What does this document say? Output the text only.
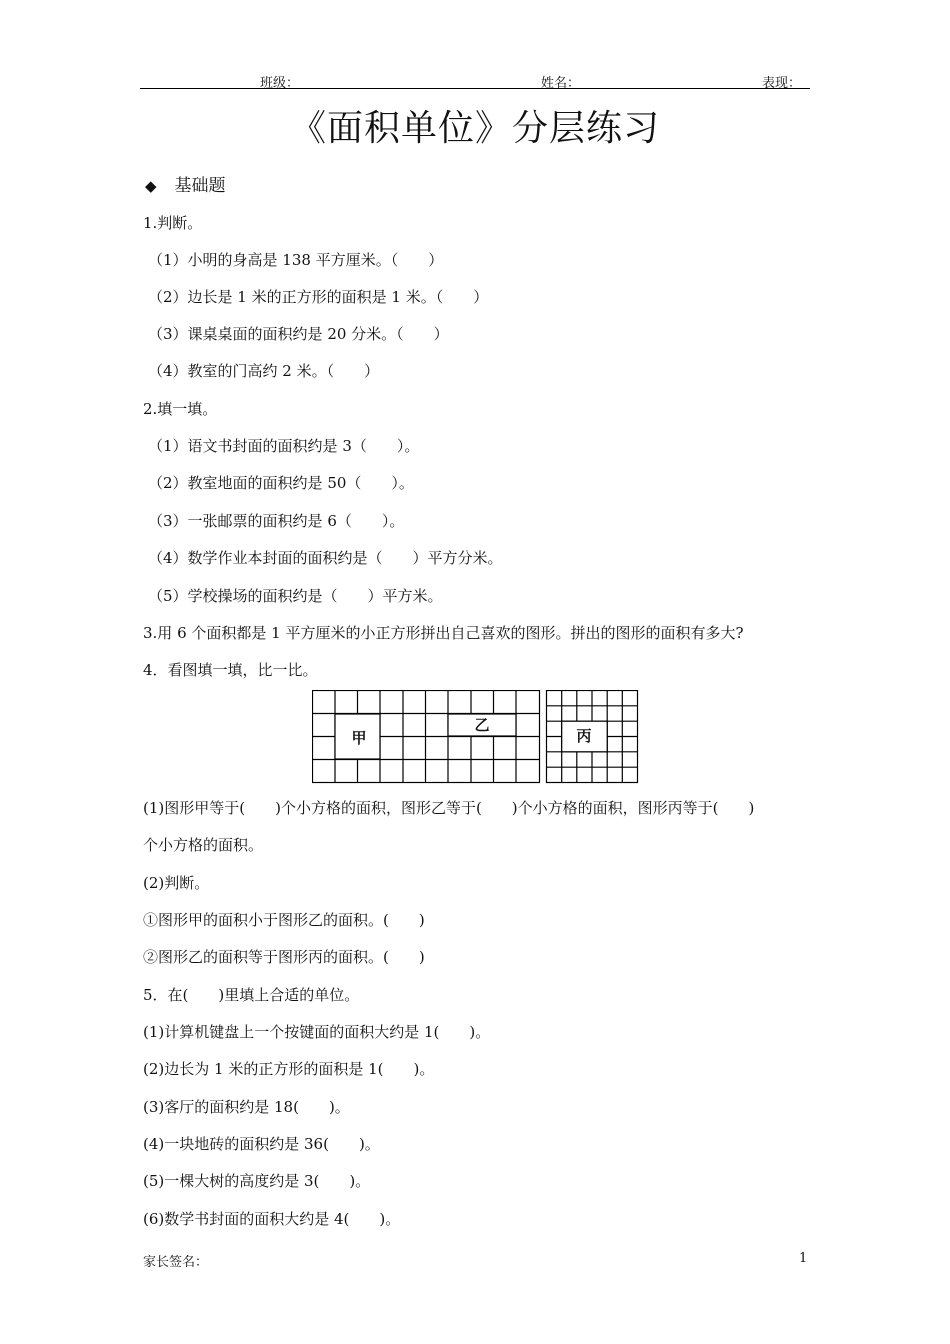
班级：	姓名：	表现：
《面积单位》分层练习
◆ 基础题
1.判断。
（1）小明的身高是 138 平方厘米。（　　）
（2）边长是 1 米的正方形的面积是 1 米。（　　）
（3）课桌桌面的面积约是 20 分米。（　　）
（4）教室的门高约 2 米。（　　）
2.填一填。
（1）语文书封面的面积约是 3（　　）。
（2）教室地面的面积约是 50（　　）。
（3）一张邮票的面积约是 6（　　）。
（4）数学作业本封面的面积约是（　　）平方分米。
（5）学校操场的面积约是（　　）平方米。
3.用 6 个面积都是 1 平方厘米的小正方形拼出自己喜欢的图形。拼出的图形的面积有多大?
4．看图填一填，比一比。
甲
乙
丙
(1)图形甲等于(　　)个小方格的面积，图形乙等于(　　)个小方格的面积，图形丙等于(　　)
个小方格的面积。
(2)判断。
①图形甲的面积小于图形乙的面积。(　　)
②图形乙的面积等于图形丙的面积。(　　)
5．在(　　)里填上合适的单位。
(1)计算机键盘上一个按键面的面积大约是 1(　　)。
(2)边长为 1 米的正方形的面积是 1(　　)。
(3)客厅的面积约是 18(　　)。
(4)一块地砖的面积约是 36(　　)。
(5)一棵大树的高度约是 3(　　)。
(6)数学书封面的面积大约是 4(　　)。
家长签名：	1
